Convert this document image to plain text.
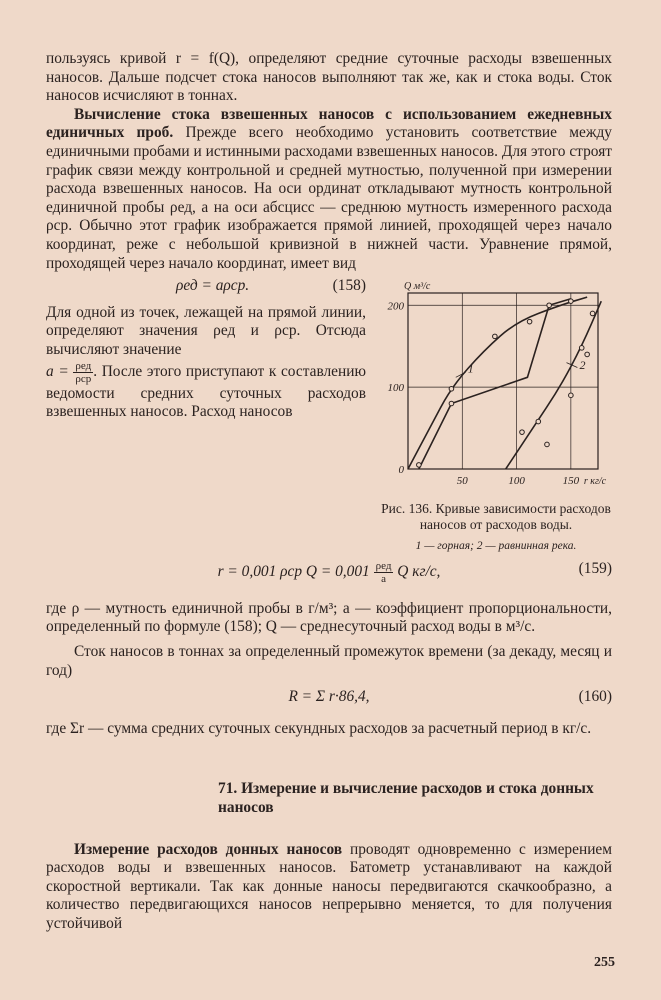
пользуясь кривой r = f(Q), определяют средние суточные расходы взвешенных наносов. Дальше подсчет стока наносов выполняют так же, как и стока воды. Сток наносов исчисляют в тоннах.

Вычисление стока взвешенных наносов с использованием ежедневных единичных проб. Прежде всего необходимо установить соответствие между единичными пробами и истинными расходами взвешенных наносов. Для этого строят график связи между контрольной и средней мутностью, полученной при измерении расхода взвешенных наносов. На оси ординат откладывают мутность контрольной единичной пробы ρед, а на оси абсцисс — среднюю мутность измеренного расхода ρср. Обычно этот график изображается прямой линией, проходящей через начало координат, реже с небольшой кривизной в нижней части. Уравнение прямой, проходящей через начало координат, имеет вид

50	100	150
0
100
200
Q м³/с
r кг/с
1	2
Рис. 136. Кривые зависимости расходов наносов от расходов воды.
1 — горная; 2 — равнинная река.
ρед = aρср.	(158)

Для одной из точек, лежащей на прямой линии, определяют значения ρед и ρср. Отсюда вычисляют значение
$a = \frac{\text{ρед}}{\text{ρср}}$ . После этого приступают к составлению ведомости средних суточных расходов взвешенных наносов. Расход наносов

r = 0,001 ρср $Q = 0,001 \frac{\text{ρед}}{a}$ Q кг/с,	(159)

где ρ — мутность единичной пробы в г/м³; a — коэффициент пропорциональности, определенный по формуле (158); Q — среднесуточный расход воды в м³/с.

Сток наносов в тоннах за определенный промежуток времени (за декаду, месяц и год)

R = Σ r·86,4,	(160)

где Σr — сумма средних суточных секундных расходов за расчетный период в кг/с.

71. Измерение и вычисление расходов и стока донных наносов

Измерение расходов донных наносов проводят одновременно с измерением расходов воды и взвешенных наносов. Батометр устанавливают на каждой скоростной вертикали. Так как донные наносы передвигаются скачкообразно, а количество передвигающихся наносов непрерывно меняется, то для получения устойчивой

255
